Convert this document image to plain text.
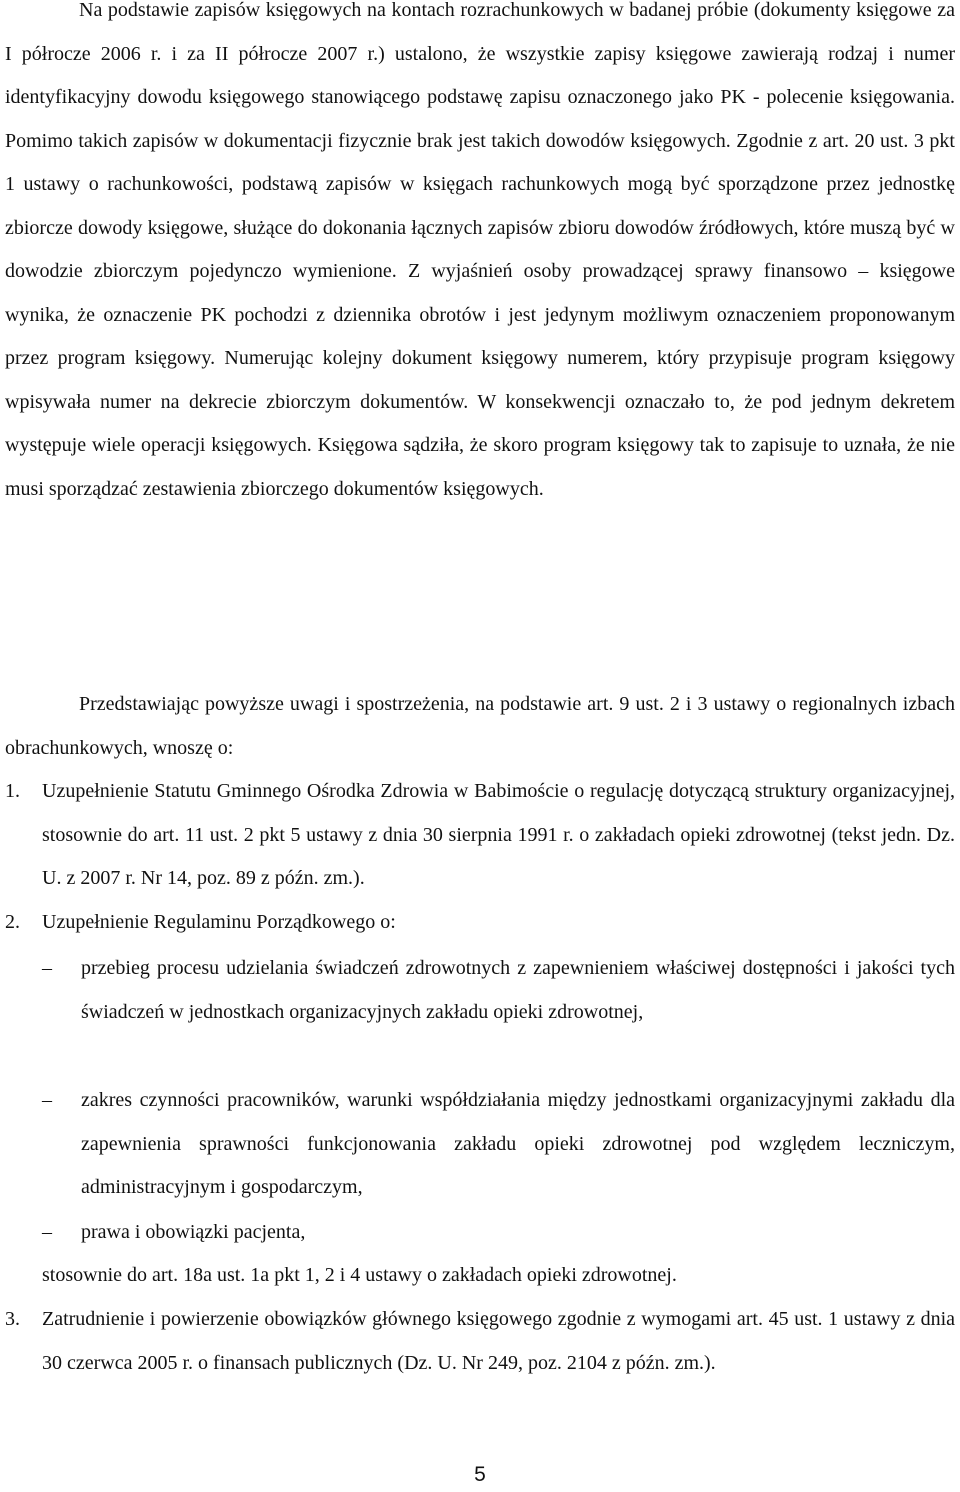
Na podstawie zapisów księgowych na kontach rozrachunkowych w badanej próbie (dokumenty księgowe za I półrocze 2006 r. i za II półrocze 2007 r.) ustalono, że wszystkie zapisy księgowe zawierają rodzaj i numer identyfikacyjny dowodu księgowego stanowiącego podstawę zapisu oznaczonego jako PK - polecenie księgowania. Pomimo takich zapisów w dokumentacji fizycznie brak jest takich dowodów księgowych. Zgodnie z art. 20 ust. 3 pkt 1 ustawy o rachunkowości, podstawą zapisów w księgach rachunkowych mogą być sporządzone przez jednostkę zbiorcze dowody księgowe, służące do dokonania łącznych zapisów zbioru dowodów źródłowych, które muszą być w dowodzie zbiorczym pojedynczo wymienione. Z wyjaśnień osoby prowadzącej sprawy finansowo – księgowe wynika, że oznaczenie PK pochodzi z dziennika obrotów i jest jedynym możliwym oznaczeniem proponowanym przez program księgowy. Numerując kolejny dokument księgowy numerem, który przypisuje program księgowy wpisywała numer na dekrecie zbiorczym dokumentów. W konsekwencji oznaczało to, że pod jednym dekretem występuje wiele operacji księgowych. Księgowa sądziła, że skoro program księgowy tak to zapisuje to uznała, że nie musi sporządzać zestawienia zbiorczego dokumentów księgowych.

Przedstawiając powyższe uwagi i spostrzeżenia, na podstawie art. 9 ust. 2 i 3 ustawy o regionalnych izbach obrachunkowych, wnoszę o:

1. Uzupełnienie Statutu Gminnego Ośrodka Zdrowia w Babimoście o regulację dotyczącą struktury organizacyjnej, stosownie do art. 11 ust. 2 pkt 5 ustawy z dnia 30 sierpnia 1991 r. o zakładach opieki zdrowotnej (tekst jedn. Dz. U. z 2007 r. Nr 14, poz. 89 z późn. zm.).
2. Uzupełnienie Regulaminu Porządkowego o:
– przebieg procesu udzielania świadczeń zdrowotnych z zapewnieniem właściwej dostępności i jakości tych świadczeń w jednostkach organizacyjnych zakładu opieki zdrowotnej,
– zakres czynności pracowników, warunki współdziałania między jednostkami organizacyjnymi zakładu dla zapewnienia sprawności funkcjonowania zakładu opieki zdrowotnej pod względem leczniczym, administracyjnym i gospodarczym,
– prawa i obowiązki pacjenta,
stosownie do art. 18a ust. 1a pkt 1, 2 i 4 ustawy o zakładach opieki zdrowotnej.
3. Zatrudnienie i powierzenie obowiązków głównego księgowego zgodnie z wymogami art. 45 ust. 1 ustawy z dnia 30 czerwca 2005 r. o finansach publicznych (Dz. U. Nr 249, poz. 2104 z późn. zm.).
5
